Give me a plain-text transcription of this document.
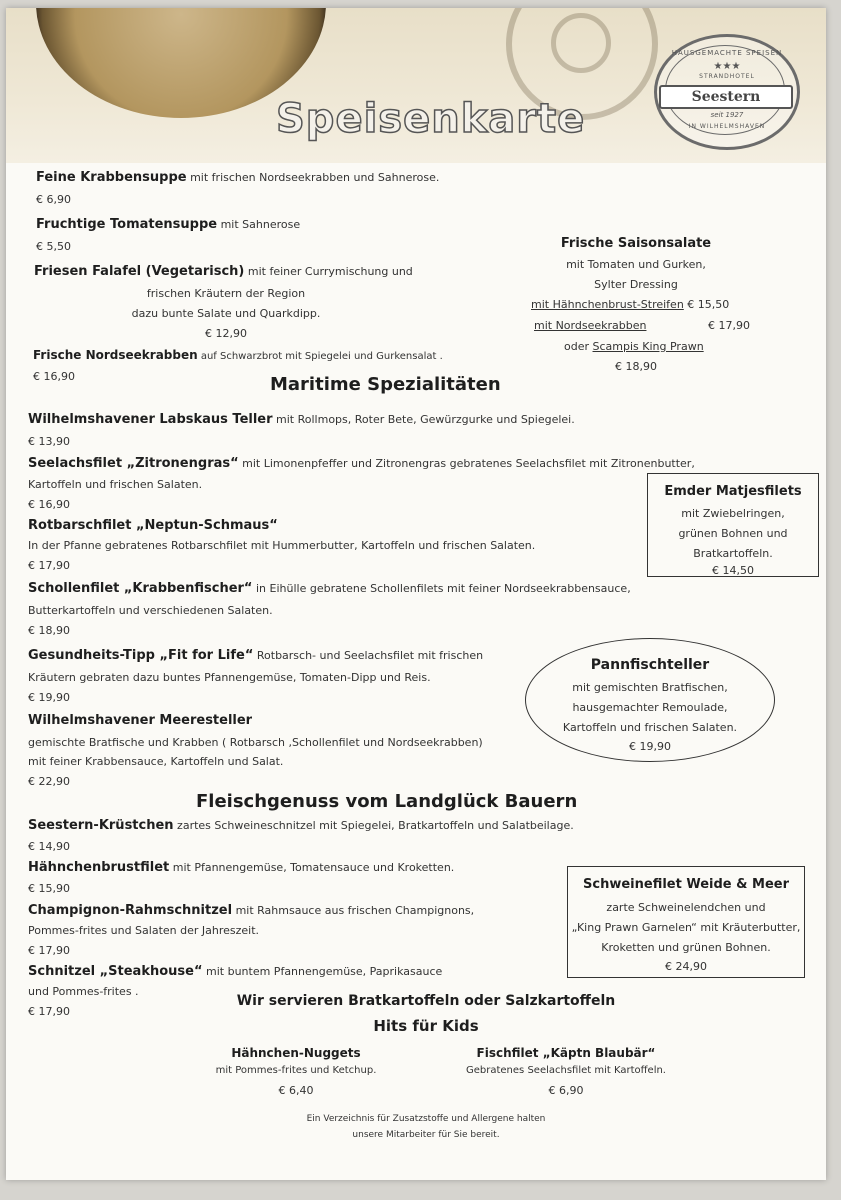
Speisenkarte
HAUSGEMACHTE SPEISEN
★★★
STRANDHOTEL
Seestern
seit 1927
IN WILHELMSHAVEN
Feine Krabbensuppe mit frischen Nordseekrabben und Sahnerose.
€ 6,90
Fruchtige Tomatensuppe mit Sahnerose
€ 5,50
Friesen Falafel (Vegetarisch) mit feiner Currymischung und
frischen Kräutern der Region
dazu bunte Salate und Quarkdipp.
€ 12,90
Frische Nordseekrabben auf Schwarzbrot mit Spiegelei und Gurkensalat .
€ 16,90
Frische Saisonsalate
mit Tomaten und Gurken,
Sylter Dressing
mit Hähnchenbrust-Streifen € 15,50
mit Nordseekrabben	€ 17,90
oder Scampis King Prawn
€ 18,90
Maritime Spezialitäten
Wilhelmshavener Labskaus Teller mit Rollmops, Roter Bete, Gewürzgurke und Spiegelei.
€ 13,90
Seelachsfilet „Zitronengras“ mit Limonenpfeffer und Zitronengras gebratenes Seelachsfilet mit Zitronenbutter,
Kartoffeln und frischen Salaten.
€ 16,90
Rotbarschfilet „Neptun-Schmaus“
In der Pfanne gebratenes Rotbarschfilet mit Hummerbutter, Kartoffeln und frischen Salaten.
€ 17,90
Schollenfilet „Krabbenfischer“ in Eihülle gebratene Schollenfilets mit feiner Nordseekrabbensauce,
Butterkartoffeln und verschiedenen Salaten.
€ 18,90
Gesundheits-Tipp „Fit for Life“ Rotbarsch- und Seelachsfilet mit frischen
Kräutern gebraten dazu buntes Pfannengemüse, Tomaten-Dipp und Reis.
€ 19,90
Wilhelmshavener Meeresteller
gemischte Bratfische und Krabben ( Rotbarsch ,Schollenfilet und Nordseekrabben)
mit feiner Krabbensauce, Kartoffeln und Salat.
€ 22,90
Emder Matjesfilets
mit Zwiebelringen,
grünen Bohnen und
Bratkartoffeln.
€ 14,50
Pannfischteller
mit gemischten Bratfischen,
hausgemachter Remoulade,
Kartoffeln und frischen Salaten.
€ 19,90
Fleischgenuss vom Landglück Bauern
Seestern-Krüstchen zartes Schweineschnitzel mit Spiegelei, Bratkartoffeln und Salatbeilage.
€ 14,90
Hähnchenbrustfilet mit Pfannengemüse, Tomatensauce und Kroketten.
€ 15,90
Champignon-Rahmschnitzel mit Rahmsauce aus frischen Champignons,
Pommes-frites und Salaten der Jahreszeit.
€ 17,90
Schnitzel „Steakhouse“ mit buntem Pfannengemüse, Paprikasauce
und Pommes-frites .
€ 17,90
Schweinefilet Weide & Meer
zarte Schweinelendchen und
„King Prawn Garnelen“ mit Kräuterbutter,
Kroketten und grünen Bohnen.
€ 24,90
Wir servieren Bratkartoffeln oder Salzkartoffeln
Hits für Kids
Hähnchen-Nuggets
mit Pommes-frites und Ketchup.
€ 6,40
Fischfilet „Käptn Blaubär“
Gebratenes Seelachsfilet mit Kartoffeln.
€ 6,90
Ein Verzeichnis für Zusatzstoffe und Allergene halten
unsere Mitarbeiter für Sie bereit.
